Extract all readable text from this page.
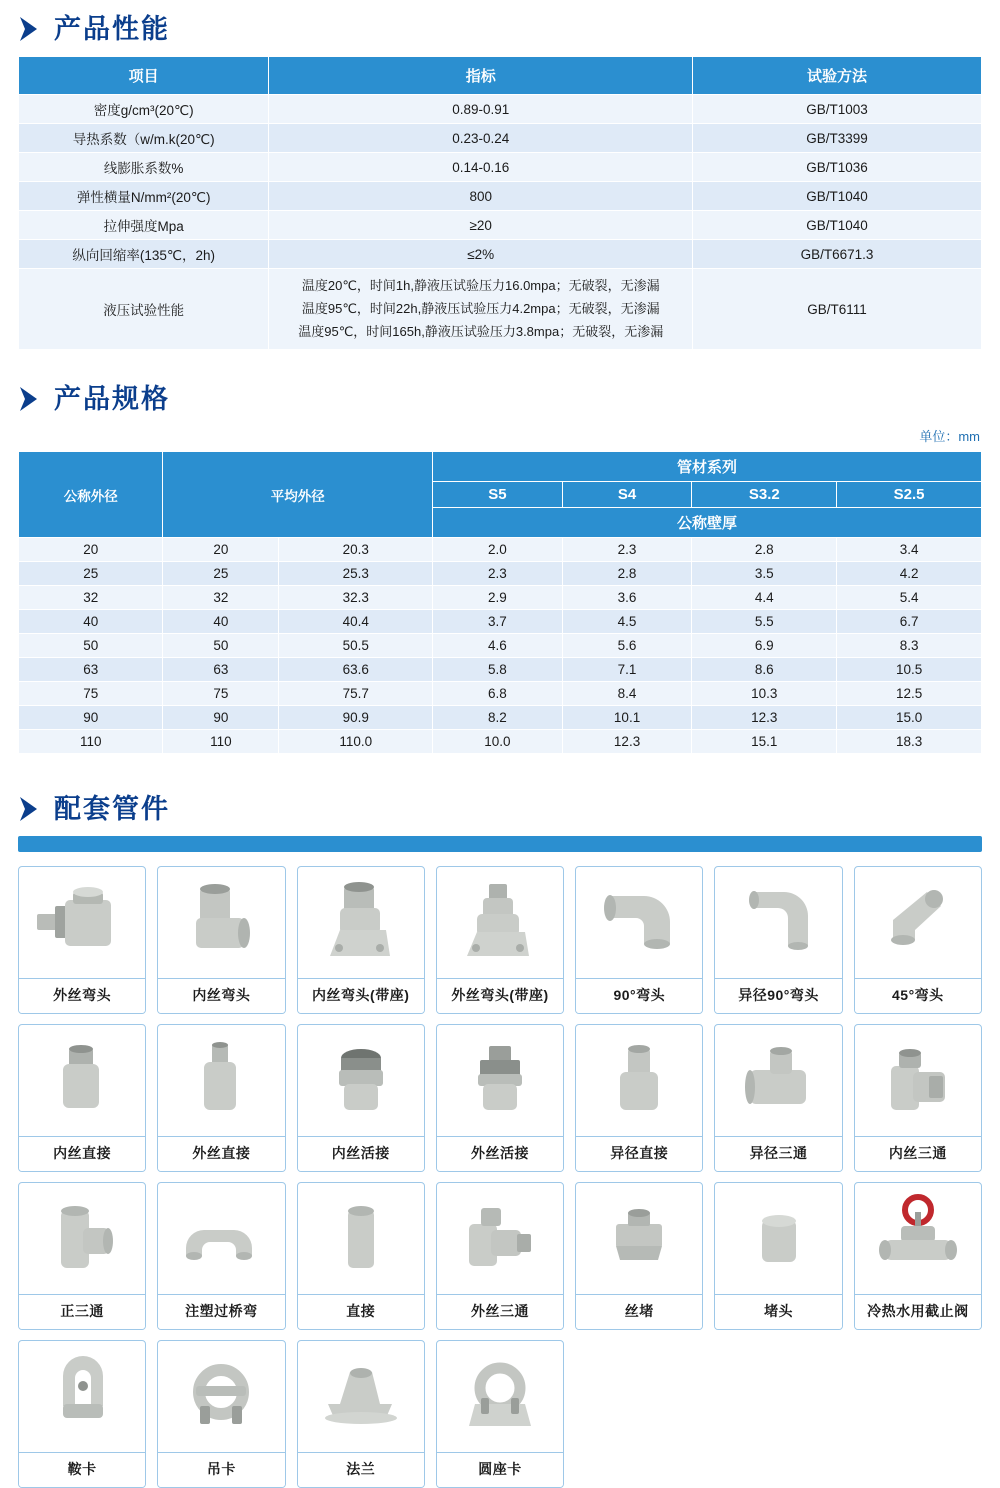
产品性能
项目	指标	试验方法
密度g/cm³(20℃)	0.89-0.91	GB/T1003
导热系数（w/m.k(20℃)	0.23-0.24	GB/T3399
线膨胀系数%	0.14-0.16	GB/T1036
弹性横量N/mm²(20℃)	800	GB/T1040
拉伸强度Mpa	≥20	GB/T1040
纵向回缩率(135℃，2h)	≤2%	GB/T6671.3
液压试验性能	温度20℃，时间1h,静液压试验压力16.0mpa；无破裂，无渗漏
温度95℃，时间22h,静液压试验压力4.2mpa；无破裂，无渗漏
温度95℃，时间165h,静液压试验压力3.8mpa；无破裂，无渗漏	GB/T6111
产品规格
单位：mm
公称外径	平均外径		管材系列			
			S5	S4	S3.2	S2.5
			公称壁厚			
20	20	20.3	2.0	2.3	2.8	3.4
25	25	25.3	2.3	2.8	3.5	4.2
32	32	32.3	2.9	3.6	4.4	5.4
40	40	40.4	3.7	4.5	5.5	6.7
50	50	50.5	4.6	5.6	6.9	8.3
63	63	63.6	5.8	7.1	8.6	10.5
75	75	75.7	6.8	8.4	10.3	12.5
90	90	90.9	8.2	10.1	12.3	15.0
110	110	110.0	10.0	12.3	15.1	18.3
配套管件
外丝弯头	内丝弯头	内丝弯头(带座)	外丝弯头(带座)	90°弯头	异径90°弯头	45°弯头
内丝直接	外丝直接	内丝活接	外丝活接	异径直接	异径三通	内丝三通
正三通	注塑过桥弯	直接	外丝三通	丝堵	堵头	冷热水用截止阀
鞍卡	吊卡	法兰	圆座卡
